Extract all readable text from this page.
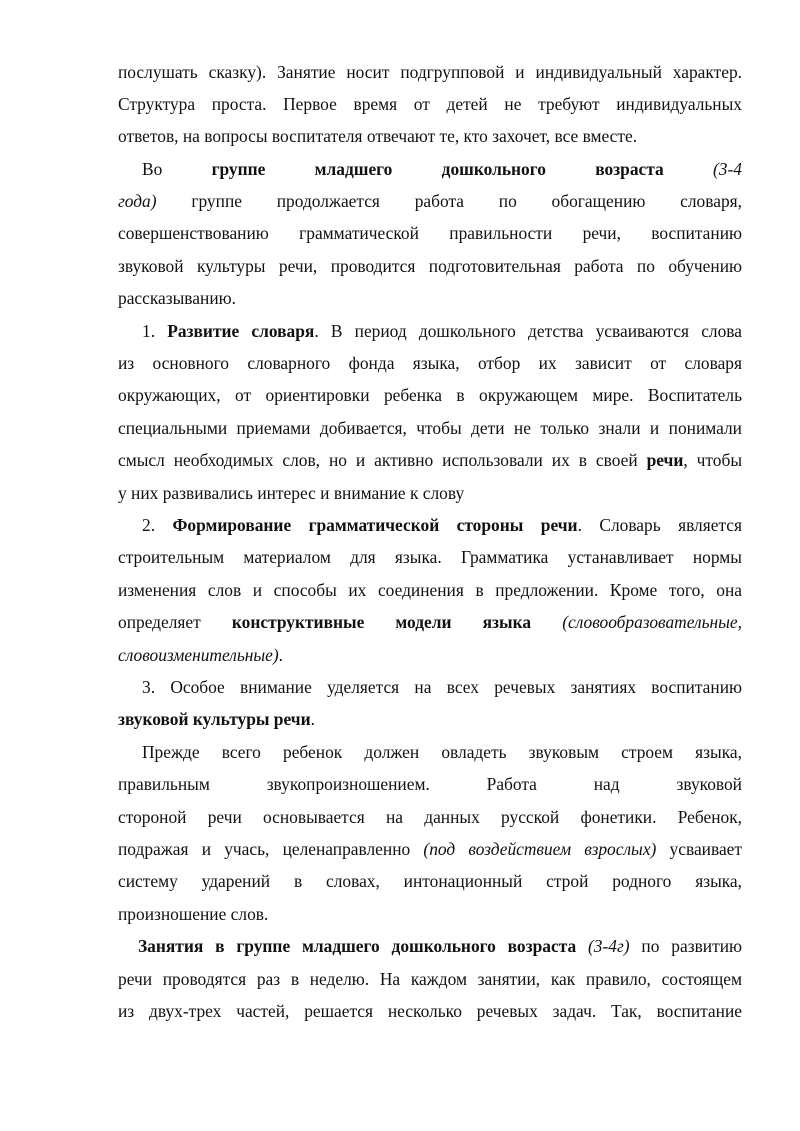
послушать сказку). Занятие носит подгрупповой и индивидуальный характер.
Структура проста. Первое время от детей не требуют индивидуальных
ответов, на вопросы воспитателя отвечают те, кто захочет, все вместе.
Во группе младшего	дошкольного возраста	(3-4
года) группе продолжается работа по обогащению словаря,
совершенствованию грамматической правильности речи, воспитанию
звуковой культуры речи, проводится подготовительная работа по обучению
рассказыванию.
1. Развитие словаря. В период дошкольного детства усваиваются слова
из основного словарного фонда языка, отбор их зависит от словаря
окружающих, от ориентировки ребенка в окружающем мире. Воспитатель
специальными приемами добивается, чтобы дети не только знали и понимали
смысл необходимых слов, но и активно использовали их в своей речи, чтобы
у них развивались интерес и внимание к слову
2. Формирование грамматической стороны речи. Словарь является
строительным материалом для языка. Грамматика устанавливает нормы
изменения слов и способы их соединения в предложении. Кроме того, она
определяет конструктивные модели языка (словообразовательные,
словоизменительные).
3. Особое внимание уделяется на всех речевых занятиях воспитанию
звуковой культуры речи.
Прежде всего ребенок должен овладеть звуковым строем языка,
правильным звукопроизношением. Работа над звуковой
стороной речи основывается на данных русской фонетики. Ребенок,
подражая и учась, целенаправленно (под воздействием взрослых) усваивает
систему ударений в словах, интонационный строй родного языка,
произношение слов.
Занятия в группе младшего дошкольного возраста (3-4г) по развитию
речи проводятся раз в неделю. На каждом занятии, как правило, состоящем
из двух-трех частей, решается несколько речевых задач. Так, воспитание
